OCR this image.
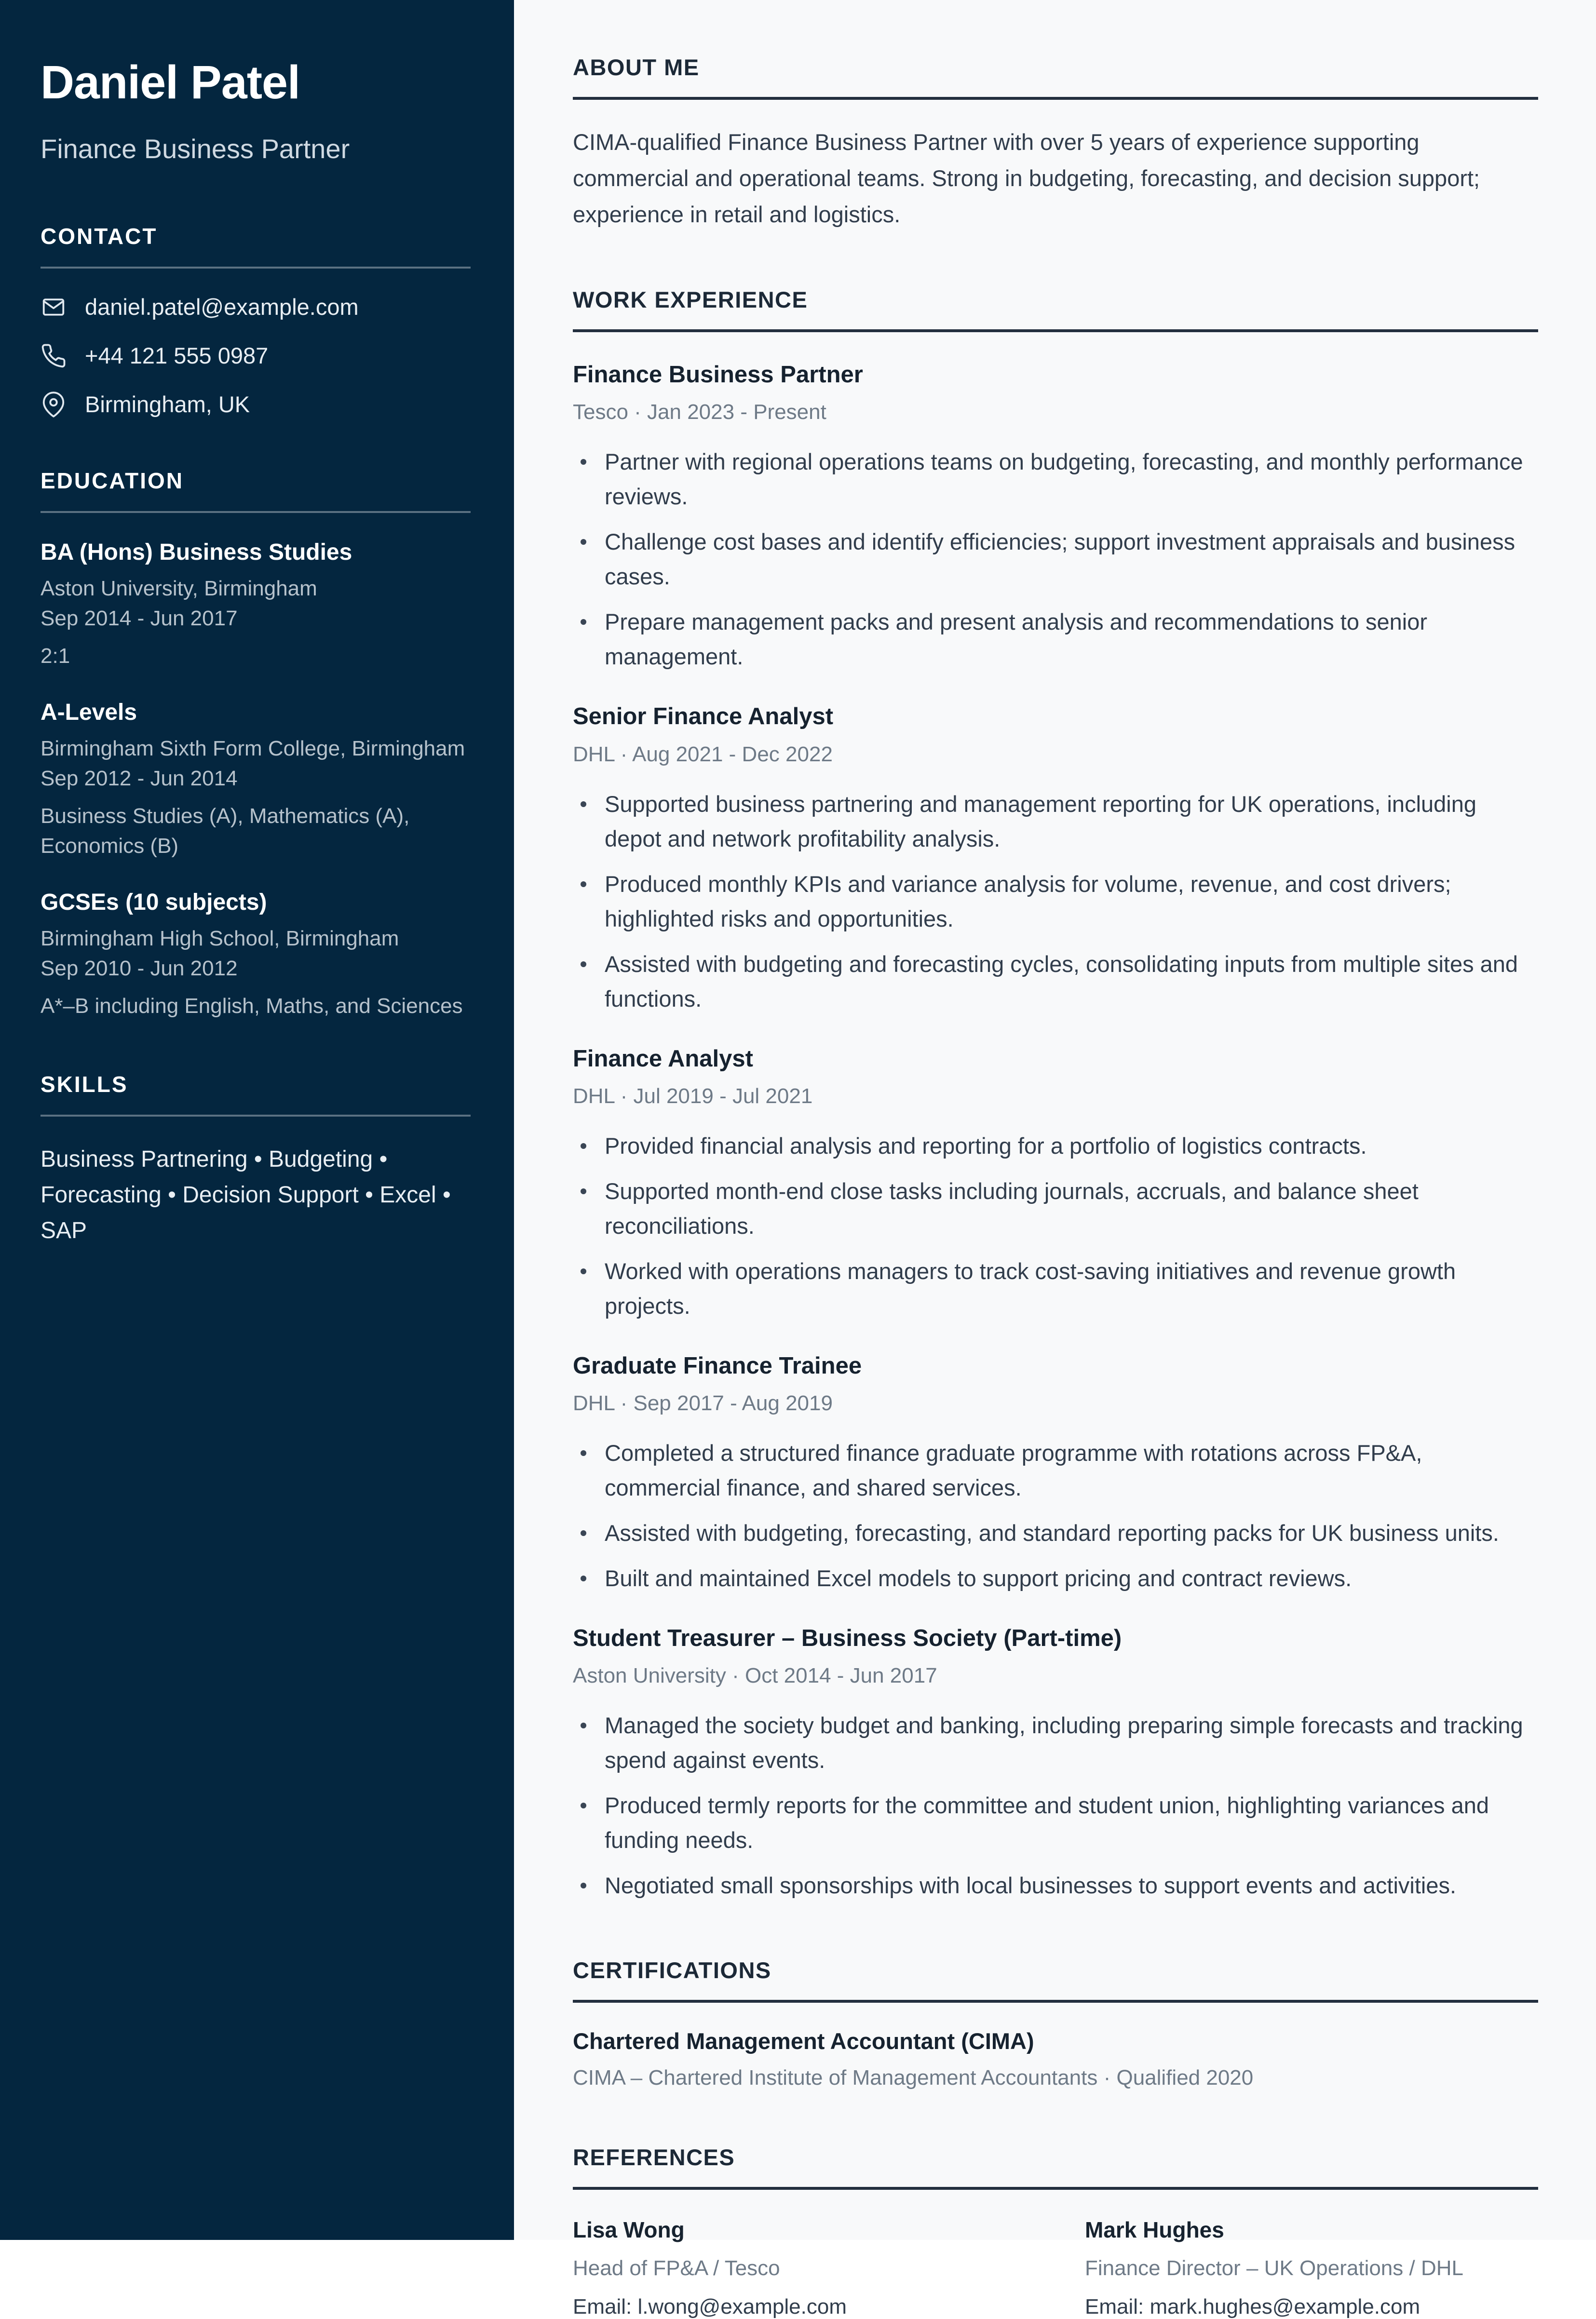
Daniel Patel
Finance Business Partner
CONTACT
daniel.patel@example.com
+44 121 555 0987
Birmingham, UK
EDUCATION
BA (Hons) Business Studies
Aston University, Birmingham
Sep 2014 - Jun 2017
2:1
A-Levels
Birmingham Sixth Form College, Birmingham
Sep 2012 - Jun 2014
Business Studies (A), Mathematics (A), Economics (B)
GCSEs (10 subjects)
Birmingham High School, Birmingham
Sep 2010 - Jun 2012
A*–B including English, Maths, and Sciences
SKILLS
Business Partnering • Budgeting • Forecasting • Decision Support • Excel • SAP
ABOUT ME

CIMA-qualified Finance Business Partner with over 5 years of experience supporting commercial and operational teams. Strong in budgeting, forecasting, and decision support; experience in retail and logistics.

WORK EXPERIENCE
Finance Business Partner
Tesco · Jan 2023 - Present
Partner with regional operations teams on budgeting, forecasting, and monthly performance reviews.
Challenge cost bases and identify efficiencies; support investment appraisals and business cases.
Prepare management packs and present analysis and recommendations to senior management.
Senior Finance Analyst
DHL · Aug 2021 - Dec 2022
Supported business partnering and management reporting for UK operations, including depot and network profitability analysis.
Produced monthly KPIs and variance analysis for volume, revenue, and cost drivers; highlighted risks and opportunities.
Assisted with budgeting and forecasting cycles, consolidating inputs from multiple sites and functions.
Finance Analyst
DHL · Jul 2019 - Jul 2021
Provided financial analysis and reporting for a portfolio of logistics contracts.
Supported month-end close tasks including journals, accruals, and balance sheet reconciliations.
Worked with operations managers to track cost-saving initiatives and revenue growth projects.
Graduate Finance Trainee
DHL · Sep 2017 - Aug 2019
Completed a structured finance graduate programme with rotations across FP&A, commercial finance, and shared services.
Assisted with budgeting, forecasting, and standard reporting packs for UK business units.
Built and maintained Excel models to support pricing and contract reviews.
Student Treasurer – Business Society (Part-time)
Aston University · Oct 2014 - Jun 2017
Managed the society budget and banking, including preparing simple forecasts and tracking spend against events.
Produced termly reports for the committee and student union, highlighting variances and funding needs.
Negotiated small sponsorships with local businesses to support events and activities.
CERTIFICATIONS
Chartered Management Accountant (CIMA)
CIMA – Chartered Institute of Management Accountants · Qualified 2020
REFERENCES
Lisa Wong
Head of FP&A / Tesco
Email: l.wong@example.com
Mark Hughes
Finance Director – UK Operations / DHL
Email: mark.hughes@example.com
